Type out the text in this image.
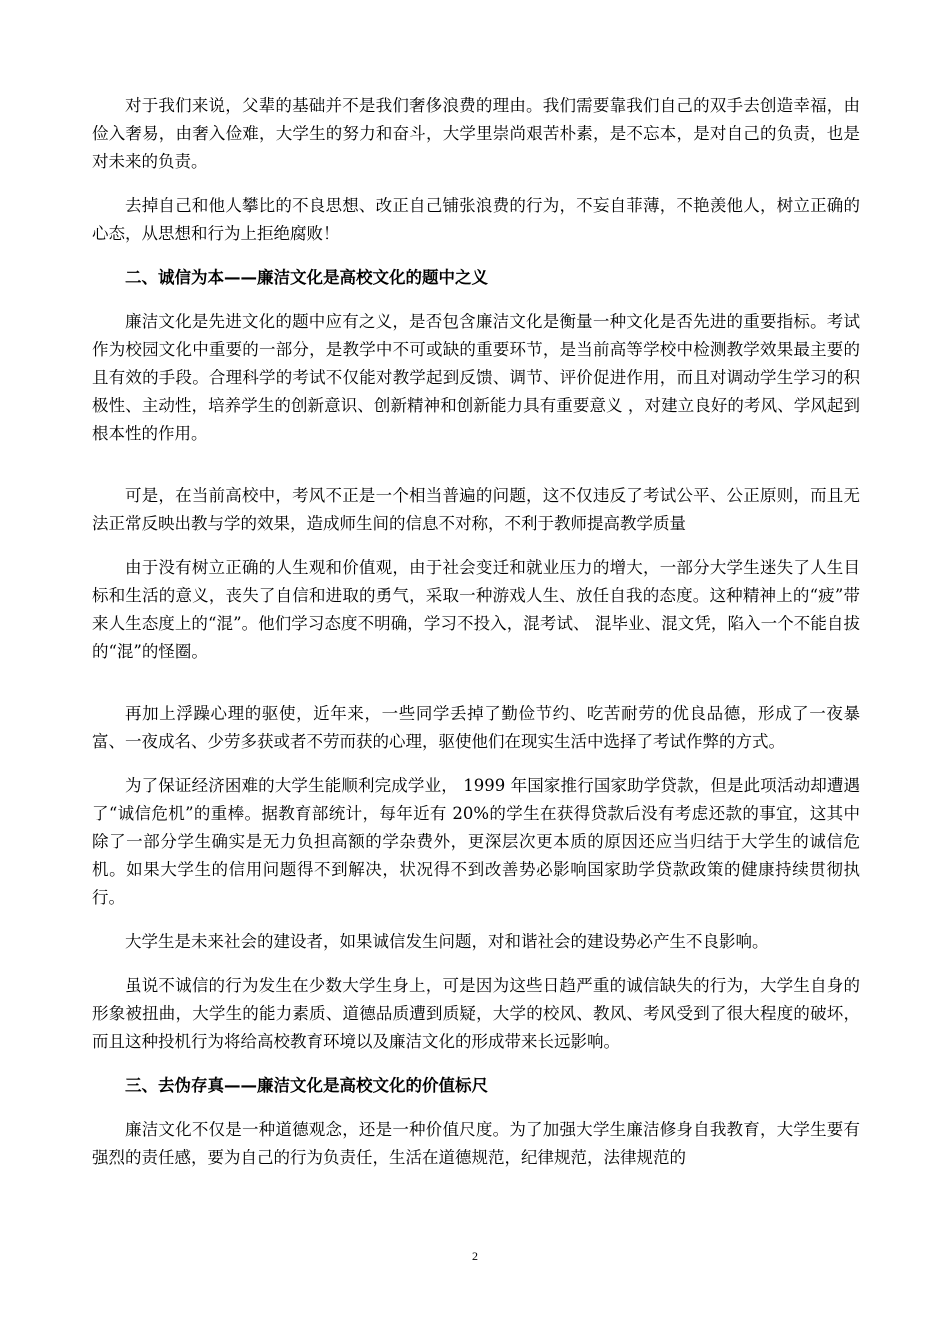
对于我们来说，父辈的基础并不是我们奢侈浪费的理由。我们需要靠我们自己的双手去创造幸福，由俭入奢易，由奢入俭难，大学生的努力和奋斗，大学里崇尚艰苦朴素，是不忘本，是对自己的负责，也是对未来的负责。

去掉自己和他人攀比的不良思想、改正自己铺张浪费的行为，不妄自菲薄，不艳羡他人，树立正确的心态，从思想和行为上拒绝腐败！

二、诚信为本——廉洁文化是高校文化的题中之义

廉洁文化是先进文化的题中应有之义，是否包含廉洁文化是衡量一种文化是否先进的重要指标。考试作为校园文化中重要的一部分，是教学中不可或缺的重要环节，是当前高等学校中检测教学效果最主要的且有效的手段。合理科学的考试不仅能对教学起到反馈、调节、评价促进作用，而且对调动学生学习的积极性、主动性，培养学生的创新意识、创新精神和创新能力具有重要意义 ，对建立良好的考风、学风起到根本性的作用。

可是，在当前高校中，考风不正是一个相当普遍的问题，这不仅违反了考试公平、公正原则，而且无法正常反映出教与学的效果，造成师生间的信息不对称，不利于教师提高教学质量

由于没有树立正确的人生观和价值观，由于社会变迁和就业压力的增大，一部分大学生迷失了人生目标和生活的意义，丧失了自信和进取的勇气，采取一种游戏人生、放任自我的态度。这种精神上的“疲”带来人生态度上的“混”。他们学习态度不明确，学习不投入，混考试、 混毕业、混文凭，陷入一个不能自拔的“混”的怪圈。

再加上浮躁心理的驱使，近年来，一些同学丢掉了勤俭节约、吃苦耐劳的优良品德，形成了一夜暴富、一夜成名、少劳多获或者不劳而获的心理，驱使他们在现实生活中选择了考试作弊的方式。

为了保证经济困难的大学生能顺利完成学业， 1999 年国家推行国家助学贷款，但是此项活动却遭遇了“诚信危机”的重棒。据教育部统计，每年近有 20%的学生在获得贷款后没有考虑还款的事宜，这其中除了一部分学生确实是无力负担高额的学杂费外，更深层次更本质的原因还应当归结于大学生的诚信危机。如果大学生的信用问题得不到解决，状况得不到改善势必影响国家助学贷款政策的健康持续贯彻执行。

大学生是未来社会的建设者，如果诚信发生问题，对和谐社会的建设势必产生不良影响。

虽说不诚信的行为发生在少数大学生身上，可是因为这些日趋严重的诚信缺失的行为，大学生自身的形象被扭曲，大学生的能力素质、道德品质遭到质疑，大学的校风、教风、考风受到了很大程度的破坏，而且这种投机行为将给高校教育环境以及廉洁文化的形成带来长远影响。

三、去伪存真——廉洁文化是高校文化的价值标尺

廉洁文化不仅是一种道德观念，还是一种价值尺度。为了加强大学生廉洁修身自我教育，大学生要有强烈的责任感，要为自己的行为负责任，生活在道德规范，纪律规范，法律规范的

2
